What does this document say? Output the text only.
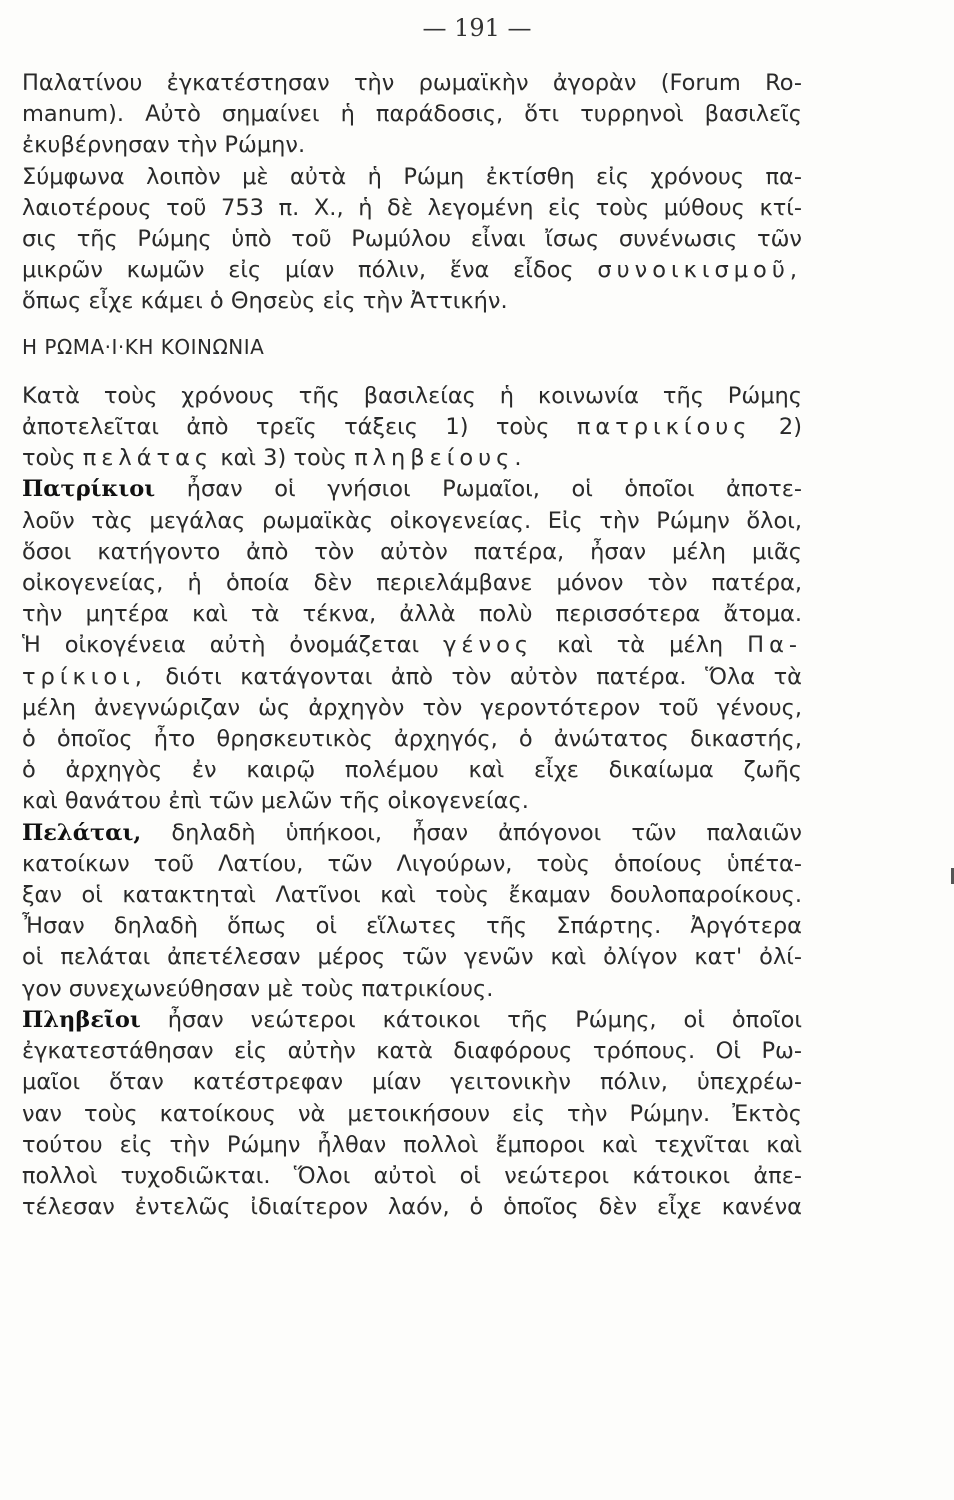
— 191 —
Παλατίνου ἐγκατέστησαν τὴν ρωμαϊκὴν ἀγορὰν (Forum Ro-
manum). Αὐτὸ σημαίνει ἡ παράδοσις, ὅτι τυρρηνοὶ βασιλεῖς
ἐκυβέρνησαν τὴν Ρώμην.
Σύμφωνα λοιπὸν μὲ αὐτὰ ἡ Ρώμη ἐκτίσθη εἰς χρόνους πα-
λαιοτέρους τοῦ 753 π. Χ., ἡ δὲ λεγομένη εἰς τοὺς μύθους κτί-
σις τῆς Ρώμης ὑπὸ τοῦ Ρωμύλου εἶναι ἴσως συνένωσις τῶν
μικρῶν κωμῶν εἰς μίαν πόλιν, ἕνα εἶδος συνοικισμοῦ,
ὅπως εἶχε κάμει ὁ Θησεὺς εἰς τὴν Ἀττικήν.
Η ΡΩΜΑ·Ι·ΚΗ ΚΟΙΝΩΝΙΑ
Κατὰ τοὺς χρόνους τῆς βασιλείας ἡ κοινωνία τῆς Ρώμης
ἀποτελεῖται ἀπὸ τρεῖς τάξεις 1) τοὺς πατρικίους 2)
τοὺς πελάτας καὶ 3) τοὺς πληβείους.
Πατρίκιοι ἦσαν οἱ γνήσιοι Ρωμαῖοι, οἱ ὁποῖοι ἀποτε-
λοῦν τὰς μεγάλας ρωμαϊκὰς οἰκογενείας. Εἰς τὴν Ρώμην ὅλοι,
ὅσοι κατήγοντο ἀπὸ τὸν αὐτὸν πατέρα, ἦσαν μέλη μιᾶς
οἰκογενείας, ἡ ὁποία δὲν περιελάμβανε μόνον τὸν πατέρα,
τὴν μητέρα καὶ τὰ τέκνα, ἀλλὰ πολὺ περισσότερα ἄτομα.
Ἡ οἰκογένεια αὐτὴ ὀνομάζεται γένος καὶ τὰ μέλη Πα-
τρίκιοι, διότι κατάγονται ἀπὸ τὸν αὐτὸν πατέρα. Ὅλα τὰ
μέλη ἀνεγνώριζαν ὡς ἀρχηγὸν τὸν γεροντότερον τοῦ γένους,
ὁ ὁποῖος ἦτο θρησκευτικὸς ἀρχηγός, ὁ ἀνώτατος δικαστής,
ὁ ἀρχηγὸς ἐν καιρῷ πολέμου καὶ εἶχε δικαίωμα ζωῆς
καὶ θανάτου ἐπὶ τῶν μελῶν τῆς οἰκογενείας.
Πελάται, δηλαδὴ ὑπήκοοι, ἦσαν ἀπόγονοι τῶν παλαιῶν
κατοίκων τοῦ Λατίου, τῶν Λιγούρων, τοὺς ὁποίους ὑπέτα-
ξαν οἱ κατακτηταὶ Λατῖνοι καὶ τοὺς ἔκαμαν δουλοπαροίκους.
Ἦσαν δηλαδὴ ὅπως οἱ εἵλωτες τῆς Σπάρτης. Ἀργότερα
οἱ πελάται ἀπετέλεσαν μέρος τῶν γενῶν καὶ ὀλίγον κατ' ὀλί-
γον συνεχωνεύθησαν μὲ τοὺς πατρικίους.
Πληβεῖοι ἦσαν νεώτεροι κάτοικοι τῆς Ρώμης, οἱ ὁποῖοι
ἐγκατεστάθησαν εἰς αὐτὴν κατὰ διαφόρους τρόπους. Οἱ Ρω-
μαῖοι ὅταν κατέστρεφαν μίαν γειτονικὴν πόλιν, ὑπεχρέω-
ναν τοὺς κατοίκους νὰ μετοικήσουν εἰς τὴν Ρώμην. Ἐκτὸς
τούτου εἰς τὴν Ρώμην ἦλθαν πολλοὶ ἔμποροι καὶ τεχνῖται καὶ
πολλοὶ τυχοδιῶκται. Ὅλοι αὐτοὶ οἱ νεώτεροι κάτοικοι ἀπε-
τέλεσαν ἐντελῶς ἰδιαίτερον λαόν, ὁ ὁποῖος δὲν εἶχε κανένα
